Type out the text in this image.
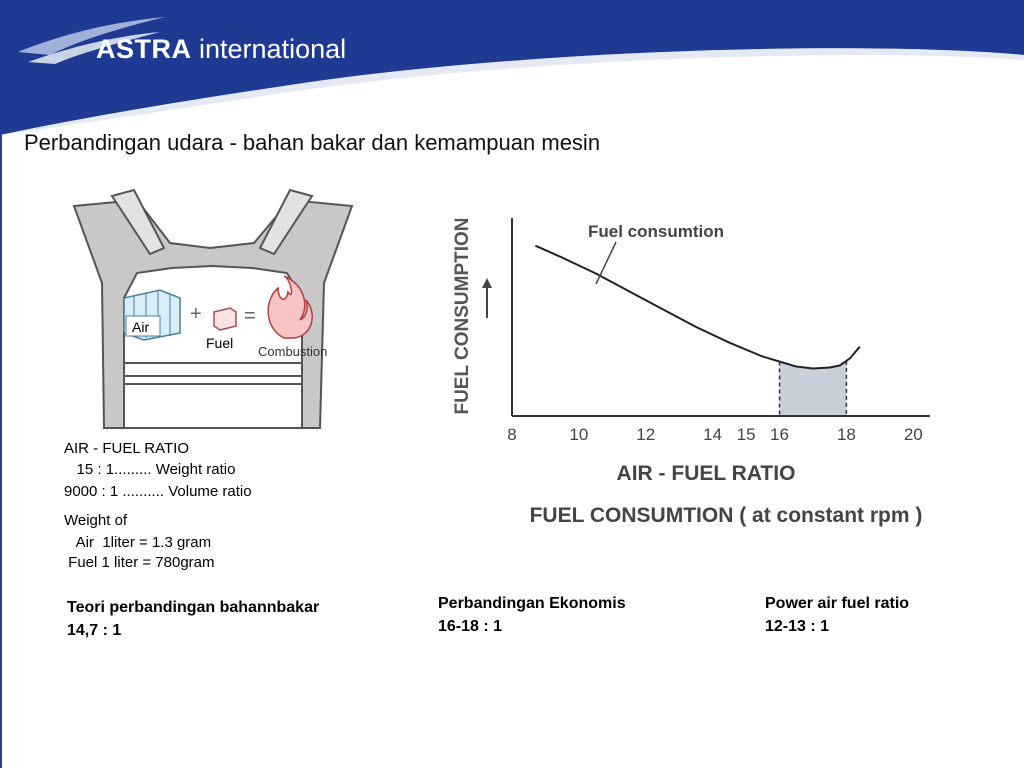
ASTRA international
Perbandingan udara - bahan bakar dan kemampuan mesin
Air
+
Fuel
=
Combustion
AIR - FUEL RATIO
15 : 1......... Weight ratio
9000 : 1 .......... Volume ratio
Weight of
Air  1liter = 1.3 gram
Fuel 1 liter = 780gram
FUEL CONSUMPTION
8	10	12	14 15 16	18	20
Fuel consumtion
AIR - FUEL RATIO
FUEL CONSUMTION ( at constant rpm )
Teori perbandingan bahannbakar
14,7 : 1
Perbandingan Ekonomis
16-18 : 1
Power air fuel ratio
12-13 : 1
